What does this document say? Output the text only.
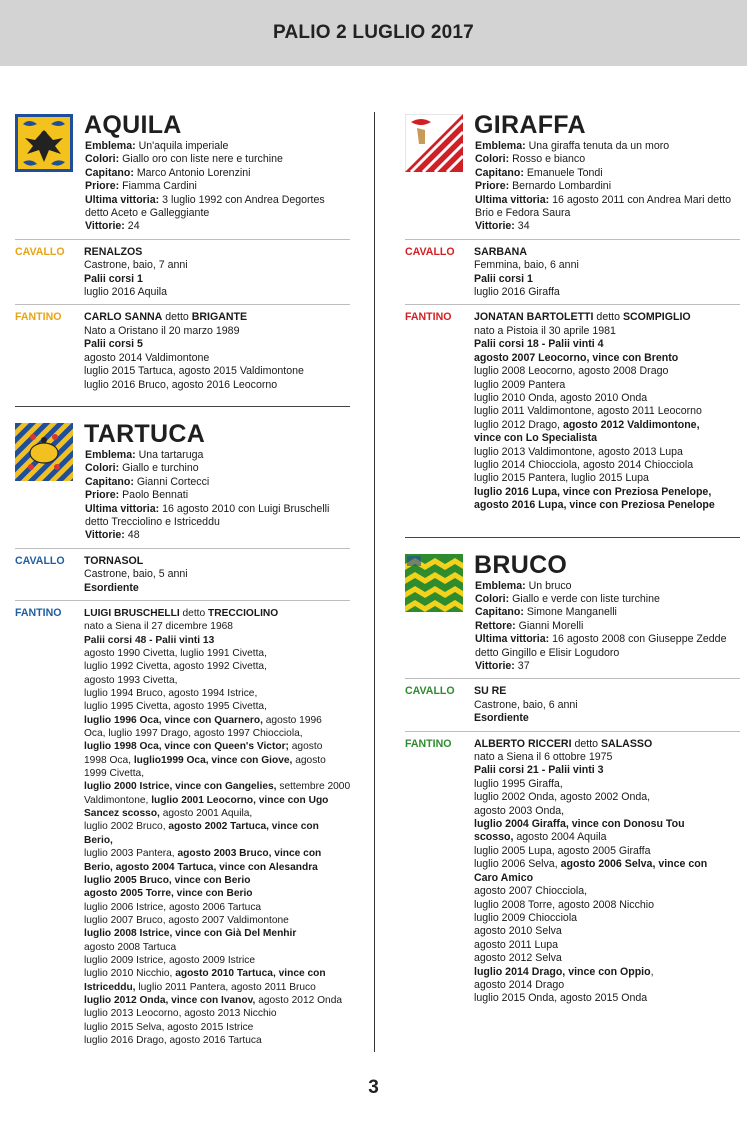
PALIO 2 LUGLIO 2017
AQUILA
Emblema: Un'aquila imperiale
Colori: Giallo oro con liste nere e turchine
Capitano: Marco Antonio Lorenzini
Priore: Fiamma Cardini
Ultima vittoria: 3 luglio 1992 con Andrea Degortes detto Aceto e Galleggiante
Vittorie: 24
CAVALLO RENALZOS
Castrone, baio, 7 anni
Palii corsi 1
luglio 2016 Aquila
FANTINO CARLO SANNA detto BRIGANTE
Nato a Oristano il 20 marzo 1989
Palii corsi 5
agosto 2014 Valdimontone
luglio 2015 Tartuca, agosto 2015 Valdimontone
luglio 2016 Bruco, agosto 2016 Leocorno
TARTUCA
Emblema: Una tartaruga
Colori: Giallo e turchino
Capitano: Gianni Cortecci
Priore: Paolo Bennati
Ultima vittoria: 16 agosto 2010 con Luigi Bruschelli detto Trecciolino e Istriceddu
Vittorie: 48
CAVALLO TORNASOL
Castrone, baio, 5 anni
Esordiente
FANTINO LUIGI BRUSCHELLI detto TRECCIOLINO
nato a Siena il 27 dicembre 1968
Palii corsi 48 - Palii vinti 13
agosto 1990 Civetta, luglio 1991 Civetta,
luglio 1992 Civetta, agosto 1992 Civetta,
agosto 1993 Civetta,
luglio 1994 Bruco, agosto 1994 Istrice,
luglio 1995 Civetta, agosto 1995 Civetta,
luglio 1996 Oca, vince con Quarnero, agosto 1996
Oca, luglio 1997 Drago, agosto 1997 Chiocciola,
luglio 1998 Oca, vince con Queen's Victor; agosto
1998 Oca, luglio1999 Oca, vince con Giove, agosto
1999 Civetta,
luglio 2000 Istrice, vince con Gangelies, settembre 2000
Valdimontone, luglio 2001 Leocorno, vince con Ugo
Sancez scosso, agosto 2001 Aquila,
luglio 2002 Bruco, agosto 2002 Tartuca, vince con
Berio,
luglio 2003 Pantera, agosto 2003 Bruco, vince con
Berio, agosto 2004 Tartuca, vince con Alesandra
luglio 2005 Bruco, vince con Berio
agosto 2005 Torre, vince con Berio
luglio 2006 Istrice, agosto 2006 Tartuca
luglio 2007 Bruco, agosto 2007 Valdimontone
luglio 2008 Istrice, vince con Già Del Menhir
agosto 2008 Tartuca
luglio 2009 Istrice, agosto 2009 Istrice
luglio 2010 Nicchio, agosto 2010 Tartuca, vince con
Istriceddu, luglio 2011 Pantera, agosto 2011 Bruco
luglio 2012 Onda, vince con Ivanov, agosto 2012 Onda
luglio 2013 Leocorno, agosto 2013 Nicchio
luglio 2015 Selva, agosto 2015 Istrice
luglio 2016 Drago, agosto 2016 Tartuca
GIRAFFA
Emblema: Una giraffa tenuta da un moro
Colori: Rosso e bianco
Capitano: Emanuele Tondi
Priore: Bernardo Lombardini
Ultima vittoria: 16 agosto 2011 con Andrea Mari detto Brio e Fedora Saura
Vittorie: 34
CAVALLO SARBANA
Femmina, baio, 6 anni
Palii corsi 1
luglio 2016 Giraffa
FANTINO JONATAN BARTOLETTI detto SCOMPIGLIO
nato a Pistoia il 30 aprile 1981
Palii corsi 18 - Palii vinti 4
agosto 2007 Leocorno, vince con Brento
luglio 2008 Leocorno, agosto 2008 Drago
luglio 2009 Pantera
luglio 2010 Onda, agosto 2010 Onda
luglio 2011 Valdimontone, agosto 2011 Leocorno
luglio 2012 Drago, agosto 2012 Valdimontone,
vince con Lo Specialista
luglio 2013 Valdimontone, agosto 2013 Lupa
luglio 2014 Chiocciola, agosto 2014 Chiocciola
luglio 2015 Pantera, luglio 2015 Lupa
luglio 2016 Lupa, vince con Preziosa Penelope,
agosto 2016 Lupa, vince con Preziosa Penelope
BRUCO
Emblema: Un bruco
Colori: Giallo e verde con liste turchine
Capitano: Simone Manganelli
Rettore: Gianni Morelli
Ultima vittoria: 16 agosto 2008 con Giuseppe Zedde detto Gingillo e Elisir Logudoro
Vittorie: 37
CAVALLO SU RE
Castrone, baio, 6 anni
Esordiente
FANTINO ALBERTO RICCERI detto SALASSO
nato a Siena il 6 ottobre 1975
Palii corsi 21 - Palii vinti 3
luglio 1995 Giraffa,
luglio 2002 Onda, agosto 2002 Onda,
agosto 2003 Onda,
luglio 2004 Giraffa, vince con Donosu Tou
scosso, agosto 2004 Aquila
luglio 2005 Lupa, agosto 2005 Giraffa
luglio 2006 Selva, agosto 2006 Selva, vince con
Caro Amico
agosto 2007 Chiocciola,
luglio 2008 Torre, agosto 2008 Nicchio
luglio 2009 Chiocciola
agosto 2010 Selva
agosto 2011 Lupa
agosto 2012 Selva
luglio 2014 Drago, vince con Oppio,
agosto 2014 Drago
luglio 2015 Onda, agosto 2015 Onda
3
